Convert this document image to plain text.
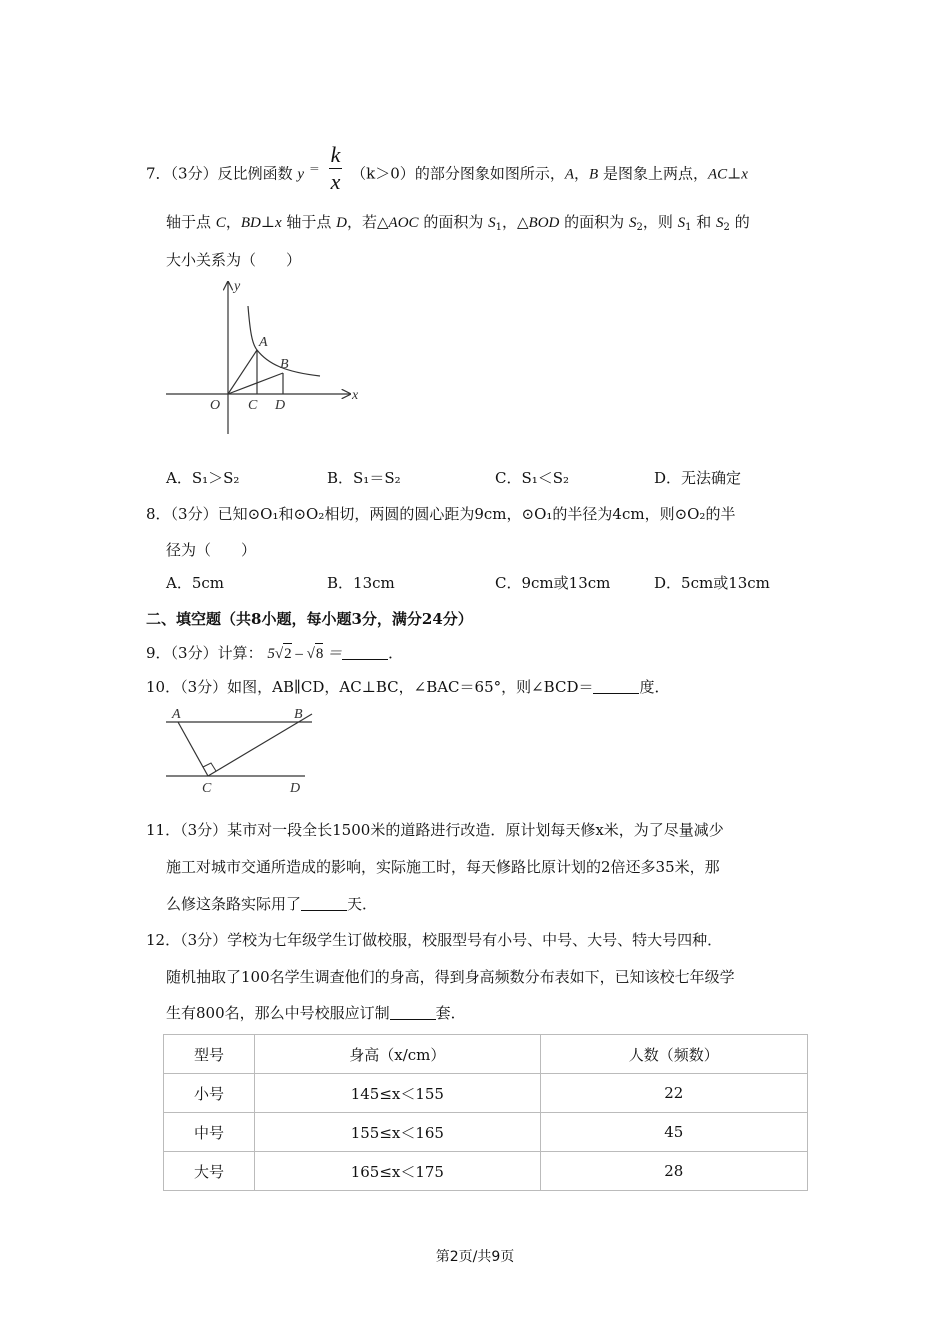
7．（3分）反比例函数 y $^= \frac{k}{x} (k>0)$的部分图象如图所示，A，B 是图象上两点，AC⊥x
轴于点 C，BD⊥x 轴于点 D，若△AOC 的面积为 $S_1$，△BOD 的面积为 $S_2$，则 $S_1$ 和 $S_2$ 的
大小关系为（　　）
y
x
O
A
B
C D
A．S₁＞S₂	B．S₁＝S₂	C．S₁＜S₂	D．无法确定
8．（3分）已知⊙O₁和⊙O₂相切，两圆的圆心距为9cm，⊙O₁的半径为4cm，则⊙O₂的半
径为（　　）
A．5cm	B．13cm	C．9cm或13cm	D．5cm或13cm
二、填空题（共8小题，每小题3分，满分24分）
9．（3分）计算： 5√2 – √8 ＝	．
10．（3分）如图，AB∥CD，AC⊥BC，∠BAC＝65°，则∠BCD＝	度．
A	B
C	D
11．（3分）某市对一段全长1500米的道路进行改造．原计划每天修x米，为了尽量减少
施工对城市交通所造成的影响，实际施工时，每天修路比原计划的2倍还多35米，那
么修这条路实际用了	天．
12．（3分）学校为七年级学生订做校服，校服型号有小号、中号、大号、特大号四种．
随机抽取了100名学生调查他们的身高，得到身高频数分布表如下，已知该校七年级学
生有800名，那么中号校服应订制	套．
型号	身高（x/cm）	人数（频数）
小号	145≤x＜155	22
中号	155≤x＜165	45
大号	165≤x＜175	28
第2页/共9页
